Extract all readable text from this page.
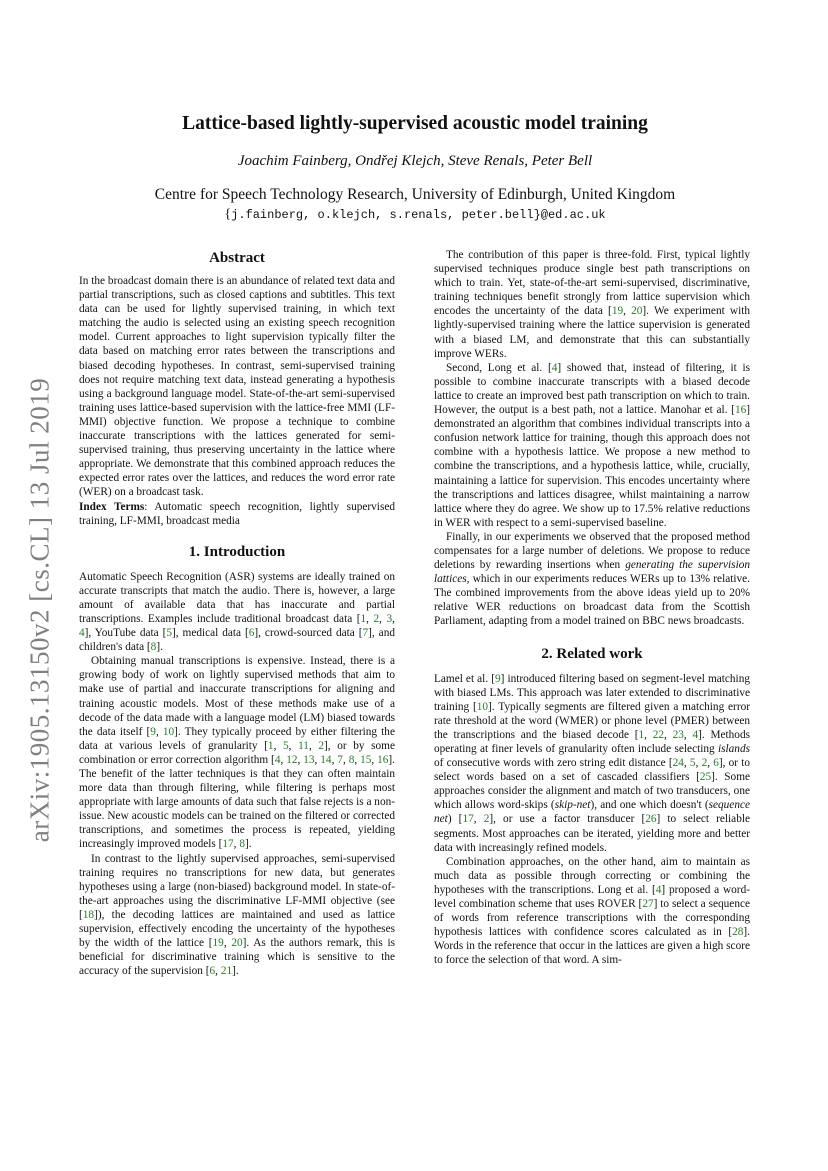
arXiv:1905.13150v2 [cs.CL] 13 Jul 2019
Lattice-based lightly-supervised acoustic model training
Joachim Fainberg, Ondřej Klejch, Steve Renals, Peter Bell
Centre for Speech Technology Research, University of Edinburgh, United Kingdom
{j.fainberg, o.klejch, s.renals, peter.bell}@ed.ac.uk
Abstract

In the broadcast domain there is an abundance of related text data and partial transcriptions, such as closed captions and subtitles. This text data can be used for lightly supervised training, in which text matching the audio is selected using an existing speech recognition model. Current approaches to light supervision typically filter the data based on matching error rates between the transcriptions and biased decoding hypotheses. In contrast, semi-supervised training does not require matching text data, instead generating a hypothesis using a background language model. State-of-the-art semi-supervised training uses lattice-based supervision with the lattice-free MMI (LF-MMI) objective function. We propose a technique to combine inaccurate transcriptions with the lattices generated for semi-supervised training, thus preserving uncertainty in the lattice where appropriate. We demonstrate that this combined approach reduces the expected error rates over the lattices, and reduces the word error rate (WER) on a broadcast task.

Index Terms: Automatic speech recognition, lightly supervised training, LF-MMI, broadcast media

1. Introduction

Automatic Speech Recognition (ASR) systems are ideally trained on accurate transcripts that match the audio. There is, however, a large amount of available data that has inaccurate and partial transcriptions. Examples include traditional broadcast data [1, 2, 3, 4], YouTube data [5], medical data [6], crowd-sourced data [7], and children's data [8].

Obtaining manual transcriptions is expensive. Instead, there is a growing body of work on lightly supervised methods that aim to make use of partial and inaccurate transcriptions for aligning and training acoustic models. Most of these methods make use of a decode of the data made with a language model (LM) biased towards the data itself [9, 10]. They typically proceed by either filtering the data at various levels of granularity [1, 5, 11, 2], or by some combination or error correction algorithm [4, 12, 13, 14, 7, 8, 15, 16]. The benefit of the latter techniques is that they can often maintain more data than through filtering, while filtering is perhaps most appropriate with large amounts of data such that false rejects is a non-issue. New acoustic models can be trained on the filtered or corrected transcriptions, and sometimes the process is repeated, yielding increasingly improved models [17, 8].

In contrast to the lightly supervised approaches, semi-supervised training requires no transcriptions for new data, but generates hypotheses using a large (non-biased) background model. In state-of-the-art approaches using the discriminative LF-MMI objective (see [18]), the decoding lattices are maintained and used as lattice supervision, effectively encoding the uncertainty of the hypotheses by the width of the lattice [19, 20]. As the authors remark, this is beneficial for discriminative training which is sensitive to the accuracy of the supervision [6, 21].

The contribution of this paper is three-fold. First, typical lightly supervised techniques produce single best path transcriptions on which to train. Yet, state-of-the-art semi-supervised, discriminative, training techniques benefit strongly from lattice supervision which encodes the uncertainty of the data [19, 20]. We experiment with lightly-supervised training where the lattice supervision is generated with a biased LM, and demonstrate that this can substantially improve WERs.

Second, Long et al. [4] showed that, instead of filtering, it is possible to combine inaccurate transcripts with a biased decode lattice to create an improved best path transcription on which to train. However, the output is a best path, not a lattice. Manohar et al. [16] demonstrated an algorithm that combines individual transcripts into a confusion network lattice for training, though this approach does not combine with a hypothesis lattice. We propose a new method to combine the transcriptions, and a hypothesis lattice, while, crucially, maintaining a lattice for supervision. This encodes uncertainty where the transcriptions and lattices disagree, whilst maintaining a narrow lattice where they do agree. We show up to 17.5% relative reductions in WER with respect to a semi-supervised baseline.

Finally, in our experiments we observed that the proposed method compensates for a large number of deletions. We propose to reduce deletions by rewarding insertions when generating the supervision lattices, which in our experiments reduces WERs up to 13% relative. The combined improvements from the above ideas yield up to 20% relative WER reductions on broadcast data from the Scottish Parliament, adapting from a model trained on BBC news broadcasts.

2. Related work

Lamel et al. [9] introduced filtering based on segment-level matching with biased LMs. This approach was later extended to discriminative training [10]. Typically segments are filtered given a matching error rate threshold at the word (WMER) or phone level (PMER) between the transcriptions and the biased decode [1, 22, 23, 4]. Methods operating at finer levels of granularity often include selecting islands of consecutive words with zero string edit distance [24, 5, 2, 6], or to select words based on a set of cascaded classifiers [25]. Some approaches consider the alignment and match of two transducers, one which allows word-skips (skip-net), and one which doesn't (sequence net) [17, 2], or use a factor transducer [26] to select reliable segments. Most approaches can be iterated, yielding more and better data with increasingly refined models.

Combination approaches, on the other hand, aim to maintain as much data as possible through correcting or combining the hypotheses with the transcriptions. Long et al. [4] proposed a word-level combination scheme that uses ROVER [27] to select a sequence of words from reference transcriptions with the corresponding hypothesis lattices with confidence scores calculated as in [28]. Words in the reference that occur in the lattices are given a high score to force the selection of that word. A sim-
